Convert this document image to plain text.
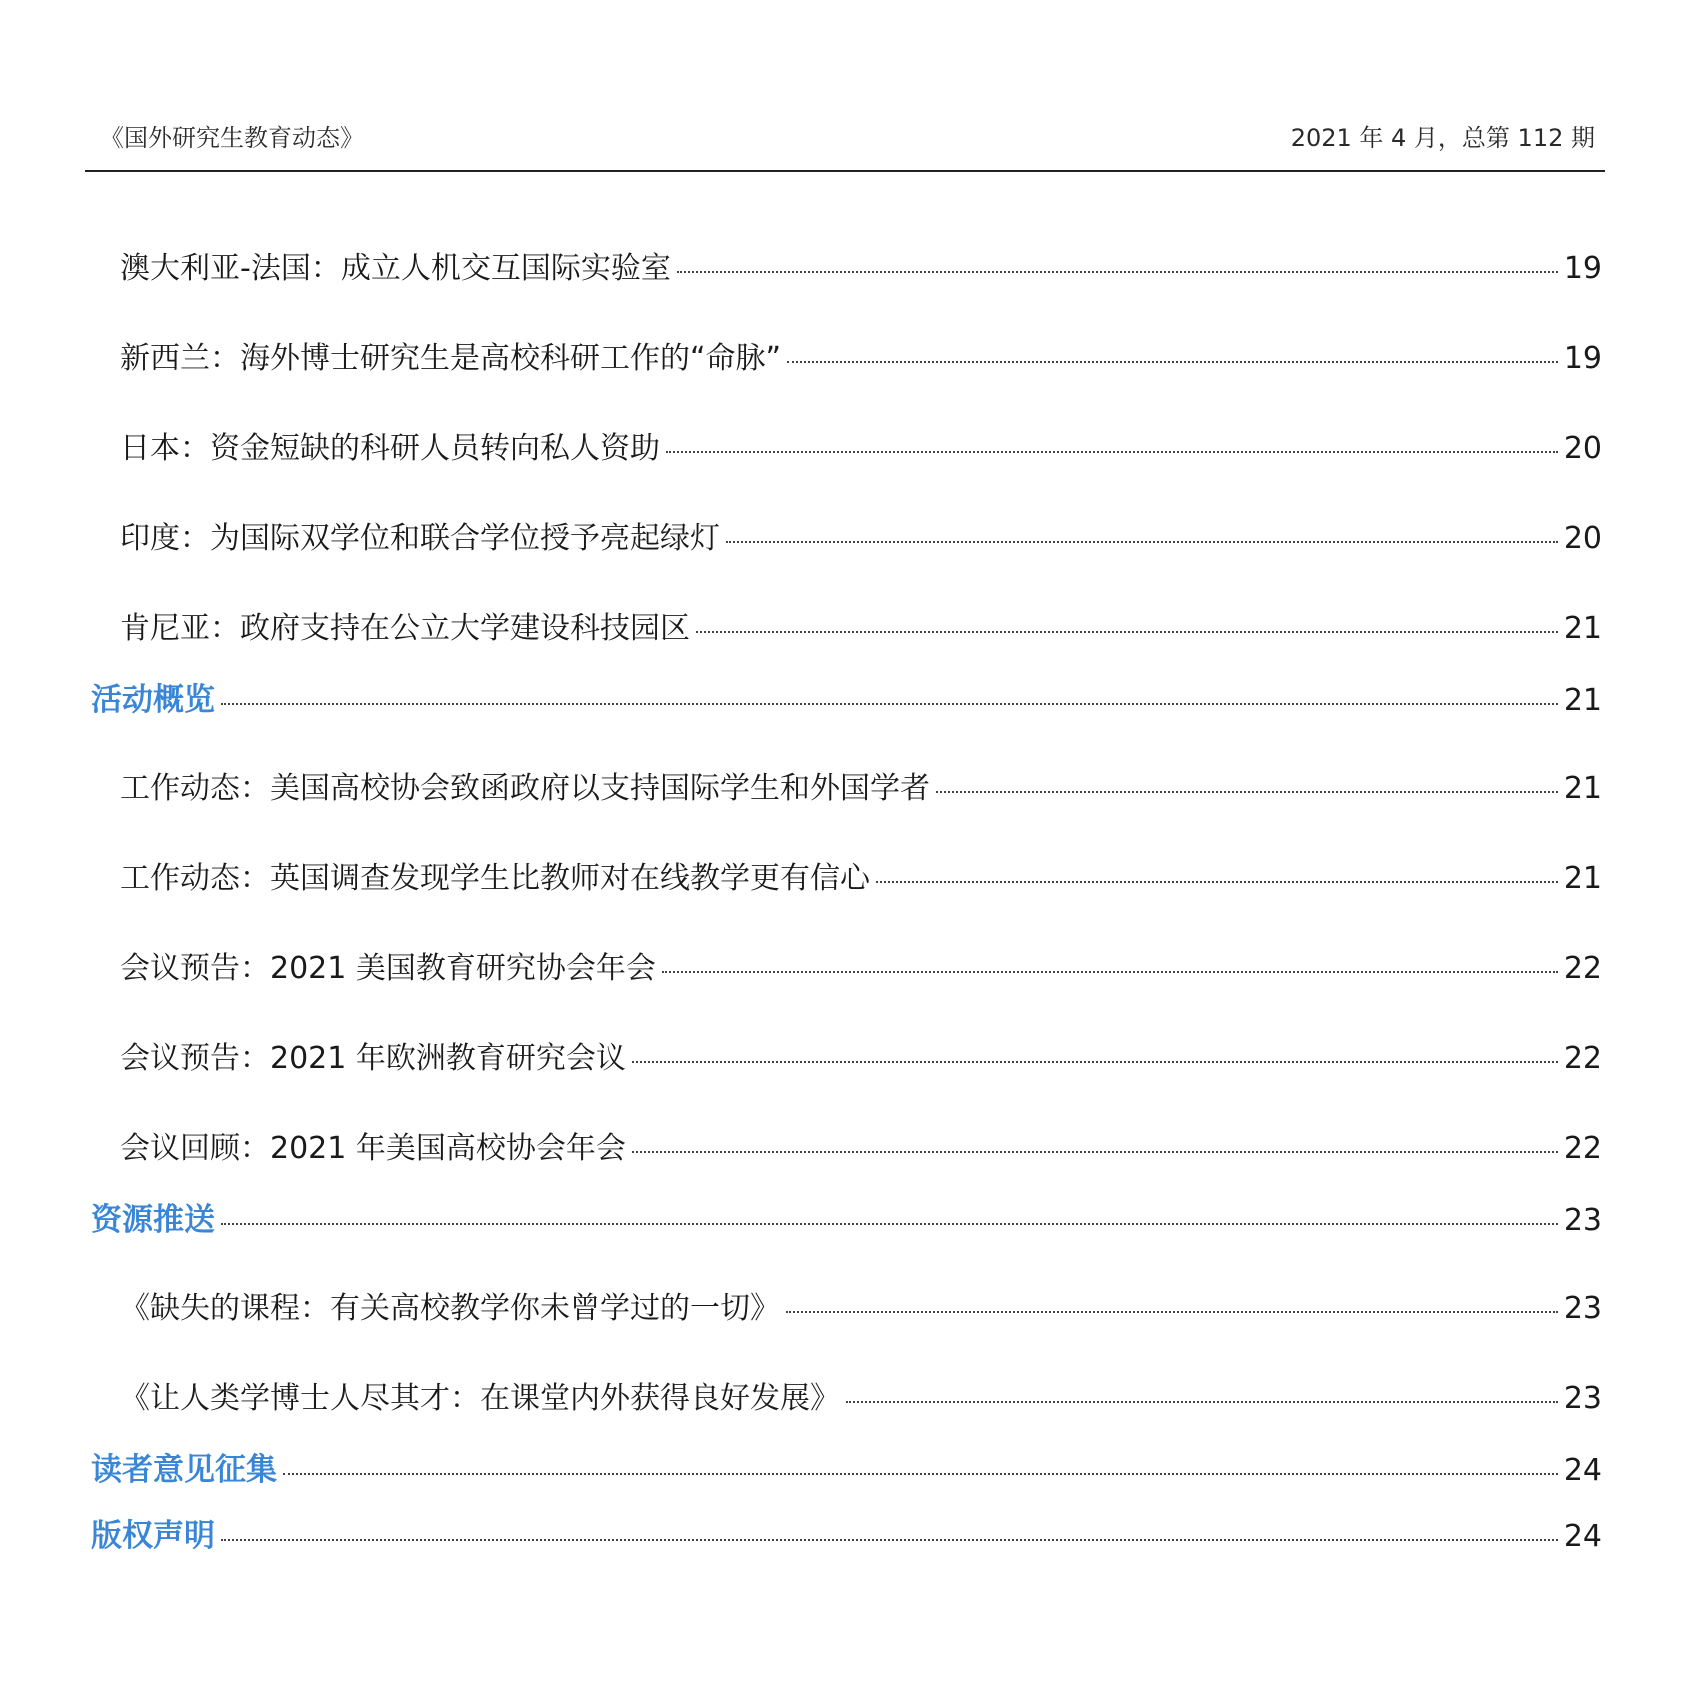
《国外研究生教育动态》	2021 年 4 月，总第 112 期
澳大利亚-法国：成立人机交互国际实验室	19
新西兰：海外博士研究生是高校科研工作的“命脉”	19
日本：资金短缺的科研人员转向私人资助	20
印度：为国际双学位和联合学位授予亮起绿灯	20
肯尼亚：政府支持在公立大学建设科技园区	21
活动概览	21
工作动态：美国高校协会致函政府以支持国际学生和外国学者	21
工作动态：英国调查发现学生比教师对在线教学更有信心	21
会议预告：2021 美国教育研究协会年会	22
会议预告：2021 年欧洲教育研究会议	22
会议回顾：2021 年美国高校协会年会	22
资源推送	23
《缺失的课程：有关高校教学你未曾学过的一切》	23
《让人类学博士人尽其才：在课堂内外获得良好发展》	23
读者意见征集	24
版权声明	24
